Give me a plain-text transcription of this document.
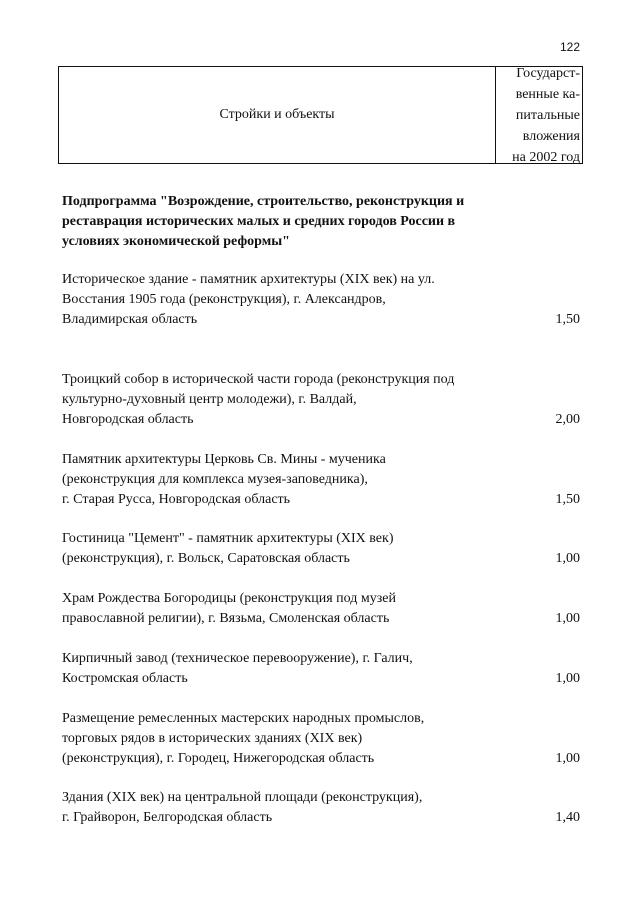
122
Стройки и объекты
Государст-
венные ка-
питальные
вложения
на 2002 год
Подпрограмма "Возрождение, строительство, реконструкция и
реставрация исторических малых и средних городов России в
условиях экономической реформы"
Историческое здание - памятник архитектуры (XIX век) на ул.
Восстания 1905 года (реконструкция), г. Александров,
Владимирская область	1,50
Троицкий собор в исторической части города (реконструкция под
культурно-духовный центр молодежи), г. Валдай,
Новгородская область	2,00
Памятник архитектуры Церковь Св. Мины - мученика
(реконструкция для комплекса музея-заповедника),
г. Старая Русса, Новгородская область	1,50
Гостиница "Цемент" - памятник архитектуры (XIX век)
(реконструкция), г. Вольск, Саратовская область	1,00
Храм Рождества Богородицы (реконструкция под музей
православной религии), г. Вязьма, Смоленская область	1,00
Кирпичный завод (техническое перевооружение), г. Галич,
Костромская область	1,00
Размещение ремесленных мастерских народных промыслов,
торговых рядов в исторических зданиях (XIX век)
(реконструкция), г. Городец, Нижегородская область	1,00
Здания (XIX век) на центральной площади (реконструкция),
г. Грайворон, Белгородская область	1,40
